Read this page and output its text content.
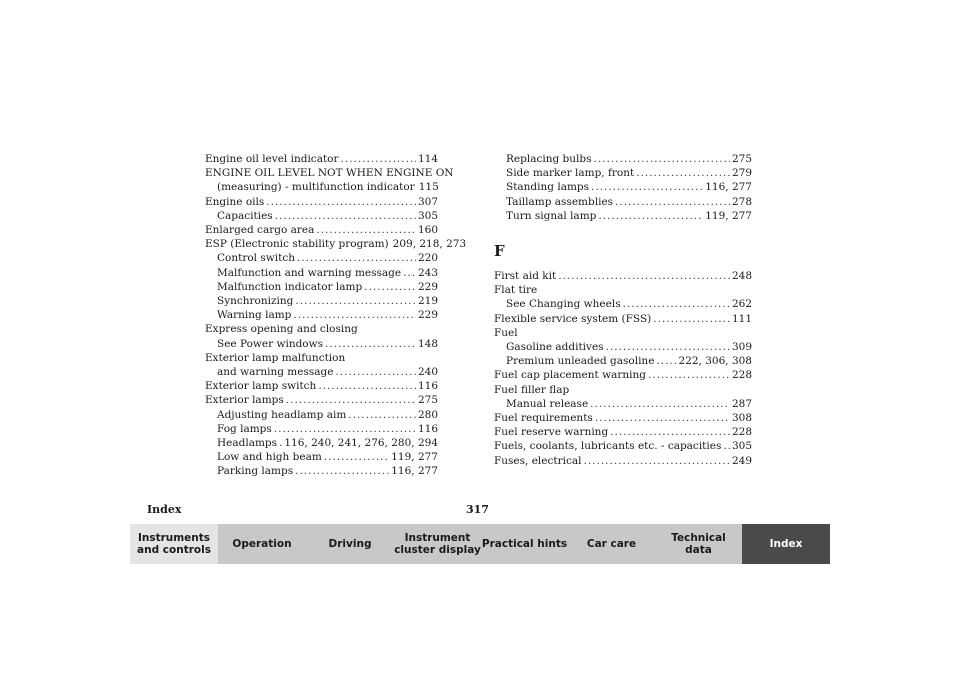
Engine oil level indicator .....	114
ENGINE OIL LEVEL NOT WHEN ENGINE ON
(measuring) - multifunction indicator 115
Engine oils .....	307
Capacities .....	305
Enlarged cargo area .....	160
ESP (Electronic stability program) 209, 218, 273
Control switch .....	220
Malfunction and warning message ..... 243
Malfunction indicator lamp .....	229
Synchronizing .....	219
Warning lamp .....	229
Express opening and closing
See Power windows .....	148
Exterior lamp malfunction
and warning message .....	240
Exterior lamp switch .....	116
Exterior lamps .....	275
Adjusting headlamp aim .....	280
Fog lamps .....	116
Headlamps ..... 116, 240, 241, 276, 280, 294
Low and high beam .....	119, 277
Parking lamps .....	116, 277
Replacing bulbs .....	275
Side marker lamp, front .....	279
Standing lamps .....	116, 277
Taillamp assemblies .....	278
Turn signal lamp .....	119, 277
F
First aid kit .....	248
Flat tire
See Changing wheels .....	262
Flexible service system (FSS) .....	111
Fuel
Gasoline additives .....	309
Premium unleaded gasoline ..... 222, 306, 308
Fuel cap placement warning .....	228
Fuel filler flap
Manual release .....	287
Fuel requirements .....	308
Fuel reserve warning .....	228
Fuels, coolants, lubricants etc. - capacities ..... 305
Fuses, electrical .....	249
Index	317
Instruments
and controls	Operation	Driving	Instrument
cluster display Practical hints	Car care	Technical
data	Index
